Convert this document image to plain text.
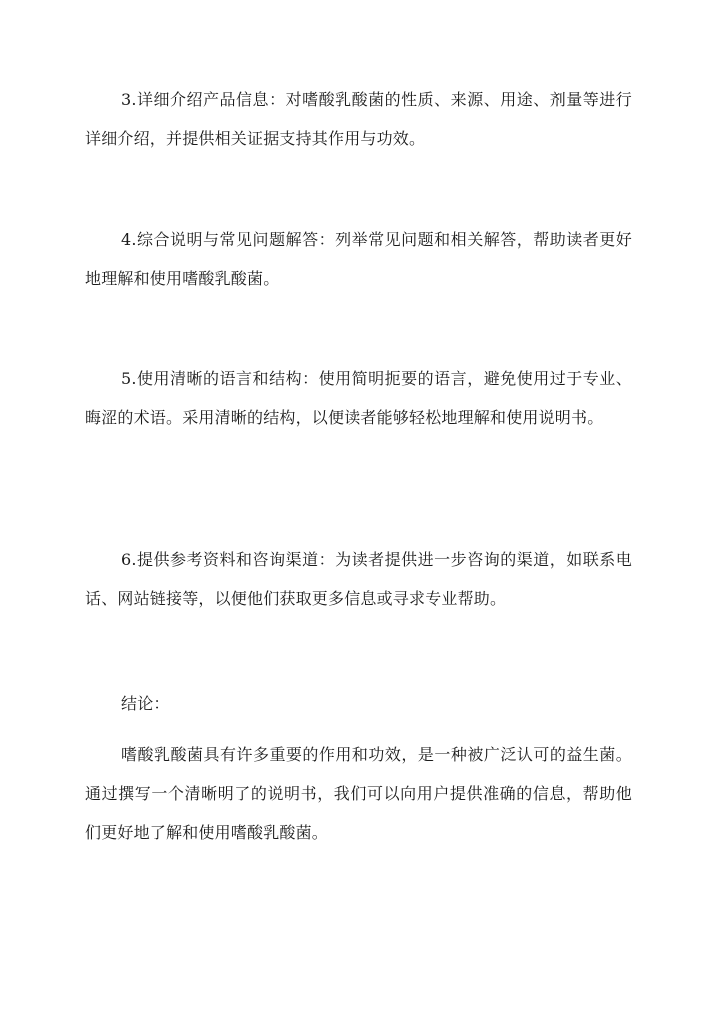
3.详细介绍产品信息：对嗜酸乳酸菌的性质、来源、用途、剂量等进行详细介绍，并提供相关证据支持其作用与功效。

4.综合说明与常见问题解答：列举常见问题和相关解答，帮助读者更好地理解和使用嗜酸乳酸菌。

5.使用清晰的语言和结构：使用简明扼要的语言，避免使用过于专业、晦涩的术语。采用清晰的结构，以便读者能够轻松地理解和使用说明书。

6.提供参考资料和咨询渠道：为读者提供进一步咨询的渠道，如联系电话、网站链接等，以便他们获取更多信息或寻求专业帮助。

结论：

嗜酸乳酸菌具有许多重要的作用和功效，是一种被广泛认可的益生菌。通过撰写一个清晰明了的说明书，我们可以向用户提供准确的信息，帮助他们更好地了解和使用嗜酸乳酸菌。
